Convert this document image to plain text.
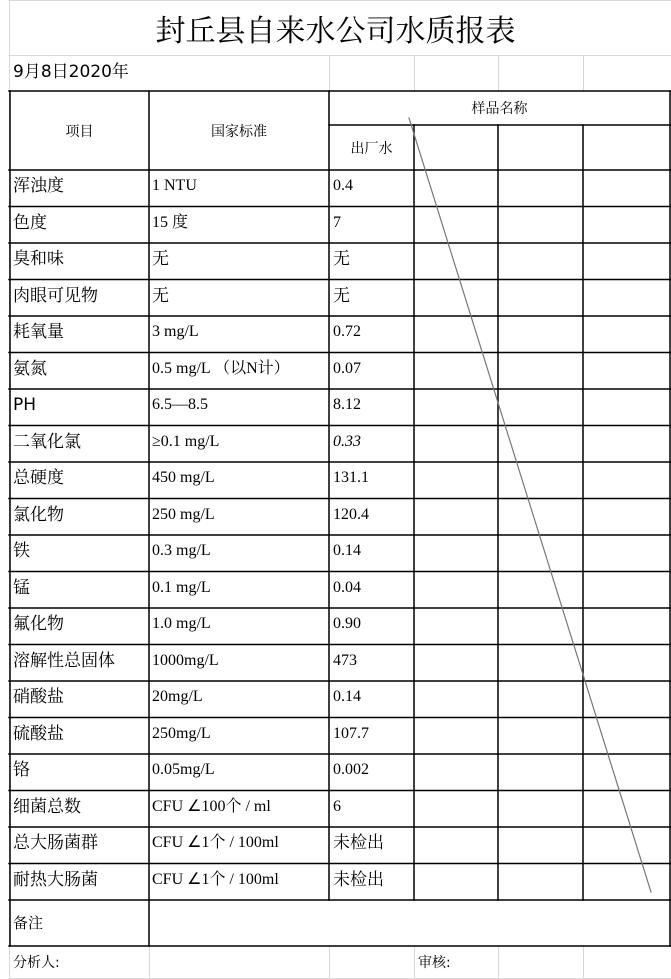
封丘县自来水公司水质报表
9月8日2020年
项目	国家标准
样品名称
出厂水
浑浊度	1 NTU	0.4
色度	15 度	7
臭和味	无	无
肉眼可见物	无	无
耗氧量	3 mg/L	0.72
氨氮	0.5 mg/L （以N计）	0.07
PH	6.5—8.5	8.12
二氧化氯	≥0.1 mg/L	0.33
总硬度	450 mg/L	131.1
氯化物	250 mg/L	120.4
铁	0.3 mg/L	0.14
锰	0.1 mg/L	0.04
氟化物	1.0 mg/L	0.90
溶解性总固体 1000mg/L	473
硝酸盐	20mg/L	0.14
硫酸盐	250mg/L	107.7
铬	0.05mg/L	0.002
细菌总数	CFU ∠100个 / ml	6
总大肠菌群	CFU ∠1个 / 100ml	未检出
耐热大肠菌	CFU ∠1个 / 100ml	未检出
备注
分析人:	审核:
